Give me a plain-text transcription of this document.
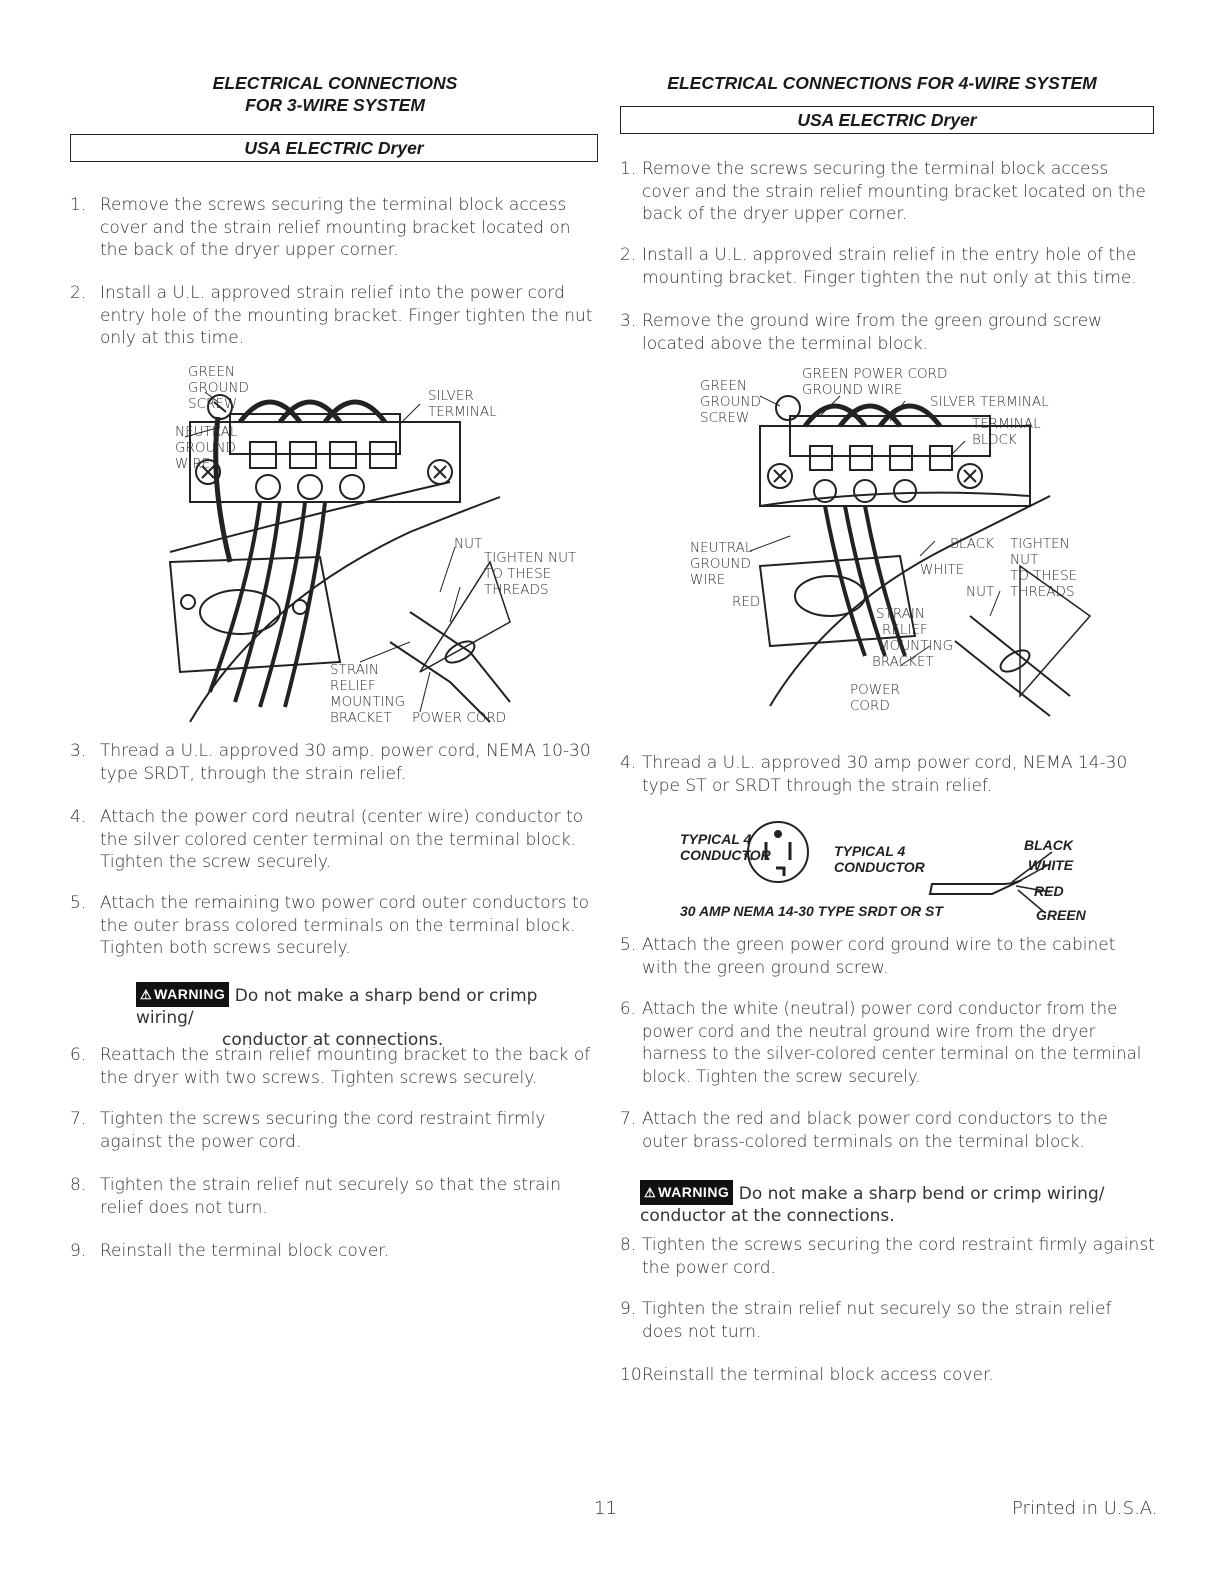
ELECTRICAL CONNECTIONS
FOR 3-WIRE SYSTEM
USA ELECTRIC Dryer
1. Remove the screws securing the terminal block access cover and the strain relief mounting bracket located on the back of the dryer upper corner.
2. Install a U.L. approved strain relief into the power cord entry hole of the mounting bracket. Finger tighten the nut only at this time.
GREEN
GROUND
SCREW
NEUTRAL
GROUND
WIRE
SILVER
TERMINAL
NUT
TIGHTEN NUT
TO THESE
THREADS
STRAIN
RELIEF
MOUNTING
BRACKET POWER CORD
3. Thread a U.L. approved 30 amp. power cord, NEMA 10-30 type SRDT, through the strain relief.
4. Attach the power cord neutral (center wire) conductor to the silver colored center terminal on the terminal block. Tighten the screw securely.
5. Attach the remaining two power cord outer conductors to the outer brass colored terminals on the terminal block. Tighten both screws securely.
⚠ WARNING Do not make a sharp bend or crimp wiring/
conductor at connections.
6. Reattach the strain relief mounting bracket to the back of the dryer with two screws. Tighten screws securely.
7. Tighten the screws securing the cord restraint firmly against the power cord.
8. Tighten the strain relief nut securely so that the strain relief does not turn.
9. Reinstall the terminal block cover.
ELECTRICAL CONNECTIONS FOR 4-WIRE SYSTEM
USA ELECTRIC Dryer
1. Remove the screws securing the terminal block access cover and the strain relief mounting bracket located on the back of the dryer upper corner.
2. Install a U.L. approved strain relief in the entry hole of the mounting bracket. Finger tighten the nut only at this time.
3. Remove the ground wire from the green ground screw located above the terminal block.
GREEN
GROUND
SCREW
GREEN POWER CORD
GROUND WIRE
SILVER TERMINAL
TERMINAL
BLOCK
NEUTRAL
GROUND
WIRE
RED
BLACK
WHITE
NUT
TIGHTEN
NUT
TO THESE
THREADS
STRAIN
RELIEF
MOUNTING
BRACKET
POWER
CORD
4. Thread a U.L. approved 30 amp power cord, NEMA 14-30 type ST or SRDT through the strain relief.
TYPICAL 4
CONDUCTOR	TYPICAL 4
CONDUCTOR
BLACK
WHITE
RED
GREEN
30 AMP NEMA 14-30 TYPE SRDT OR ST
5. Attach the green power cord ground wire to the cabinet with the green ground screw.
6. Attach the white (neutral) power cord conductor from the power cord and the neutral ground wire from the dryer harness to the silver-colored center terminal on the terminal block. Tighten the screw securely.
7. Attach the red and black power cord conductors to the outer brass-colored terminals on the terminal block.
⚠ WARNING Do not make a sharp bend or crimp wiring/
conductor at the connections.
8. Tighten the screws securing the cord restraint firmly against the power cord.
9. Tighten the strain relief nut securely so the strain relief does not turn.
10.
Reinstall the terminal block access cover.
11	Printed in U.S.A.
